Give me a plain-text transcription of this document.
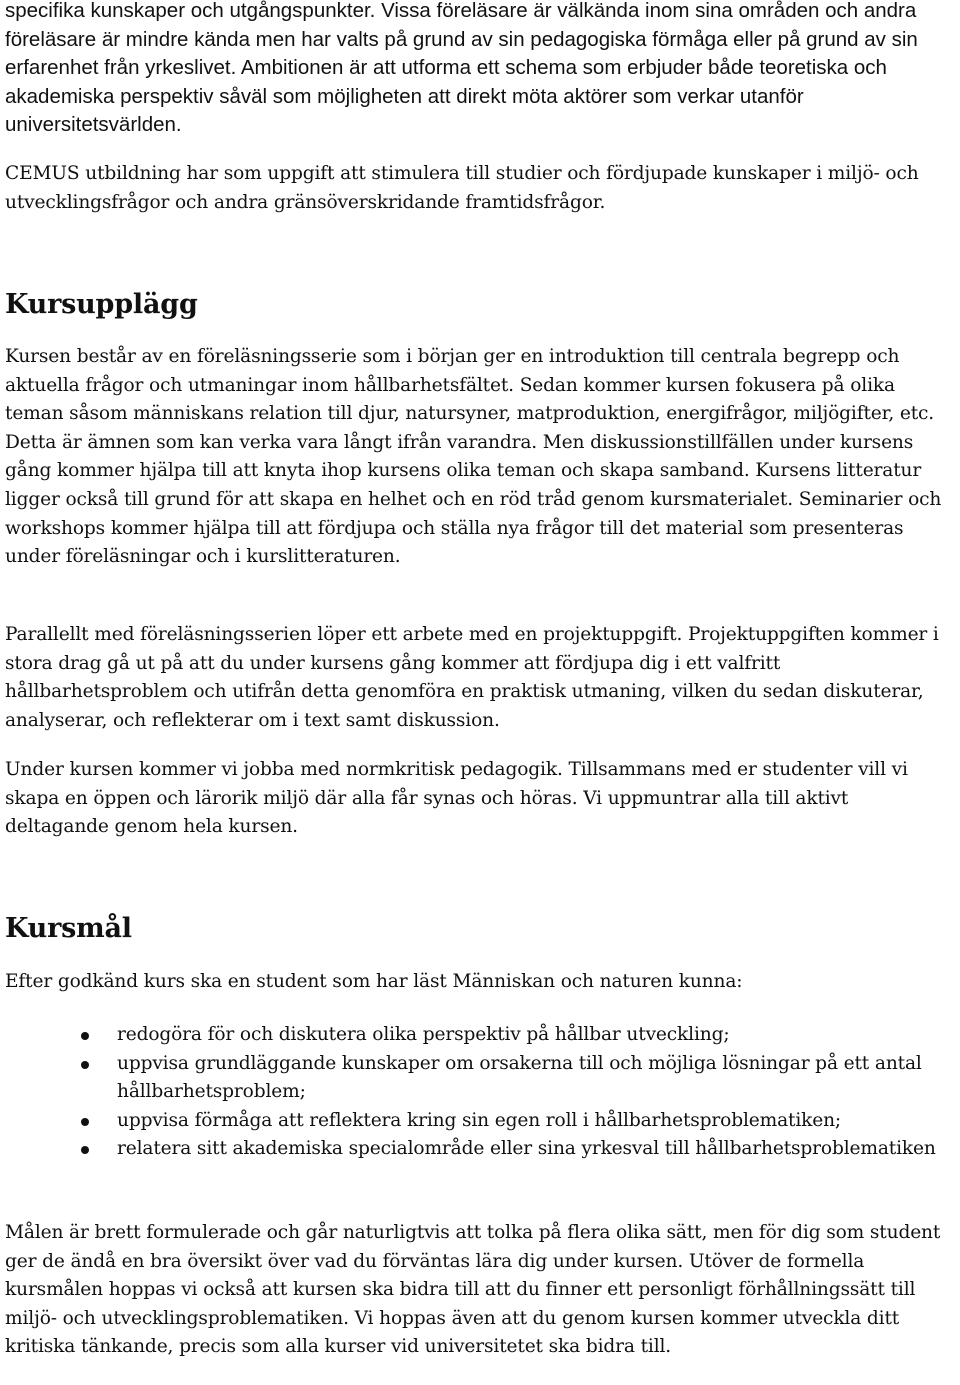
specifika kunskaper och utgångspunkter. Vissa föreläsare är välkända inom sina områden och andra föreläsare är mindre kända men har valts på grund av sin pedagogiska förmåga eller på grund av sin erfarenhet från yrkeslivet. Ambitionen är att utforma ett schema som erbjuder både teoretiska och akademiska perspektiv såväl som möjligheten att direkt möta aktörer som verkar utanför universitetsvärlden.

CEMUS utbildning har som uppgift att stimulera till studier och fördjupade kunskaper i miljö- och utvecklingsfrågor och andra gränsöverskridande framtidsfrågor.

Kursupplägg

Kursen består av en föreläsningsserie som i början ger en introduktion till centrala begrepp och aktuella frågor och utmaningar inom hållbarhetsfältet. Sedan kommer kursen fokusera på olika teman såsom människans relation till djur, natursyner, matproduktion, energifrågor, miljögifter, etc. Detta är ämnen som kan verka vara långt ifrån varandra. Men diskussionstillfällen under kursens gång kommer hjälpa till att knyta ihop kursens olika teman och skapa samband. Kursens litteratur ligger också till grund för att skapa en helhet och en röd tråd genom kursmaterialet. Seminarier och workshops kommer hjälpa till att fördjupa och ställa nya frågor till det material som presenteras under föreläsningar och i kurslitteraturen.

Parallellt med föreläsningsserien löper ett arbete med en projektuppgift. Projektuppgiften kommer i stora drag gå ut på att du under kursens gång kommer att fördjupa dig i ett valfritt hållbarhetsproblem och utifrån detta genomföra en praktisk utmaning, vilken du sedan diskuterar, analyserar, och reflekterar om i text samt diskussion.

Under kursen kommer vi jobba med normkritisk pedagogik. Tillsammans med er studenter vill vi skapa en öppen och lärorik miljö där alla får synas och höras. Vi uppmuntrar alla till aktivt deltagande genom hela kursen.

Kursmål

Efter godkänd kurs ska en student som har läst Människan och naturen kunna:

redogöra för och diskutera olika perspektiv på hållbar utveckling;
uppvisa grundläggande kunskaper om orsakerna till och möjliga lösningar på ett antal hållbarhetsproblem;
uppvisa förmåga att reflektera kring sin egen roll i hållbarhetsproblematiken;
relatera sitt akademiska specialområde eller sina yrkesval till hållbarhetsproblematiken

Målen är brett formulerade och går naturligtvis att tolka på flera olika sätt, men för dig som student ger de ändå en bra översikt över vad du förväntas lära dig under kursen. Utöver de formella kursmålen hoppas vi också att kursen ska bidra till att du finner ett personligt förhållningssätt till miljö- och utvecklingsproblematiken. Vi hoppas även att du genom kursen kommer utveckla ditt kritiska tänkande, precis som alla kurser vid universitetet ska bidra till.
